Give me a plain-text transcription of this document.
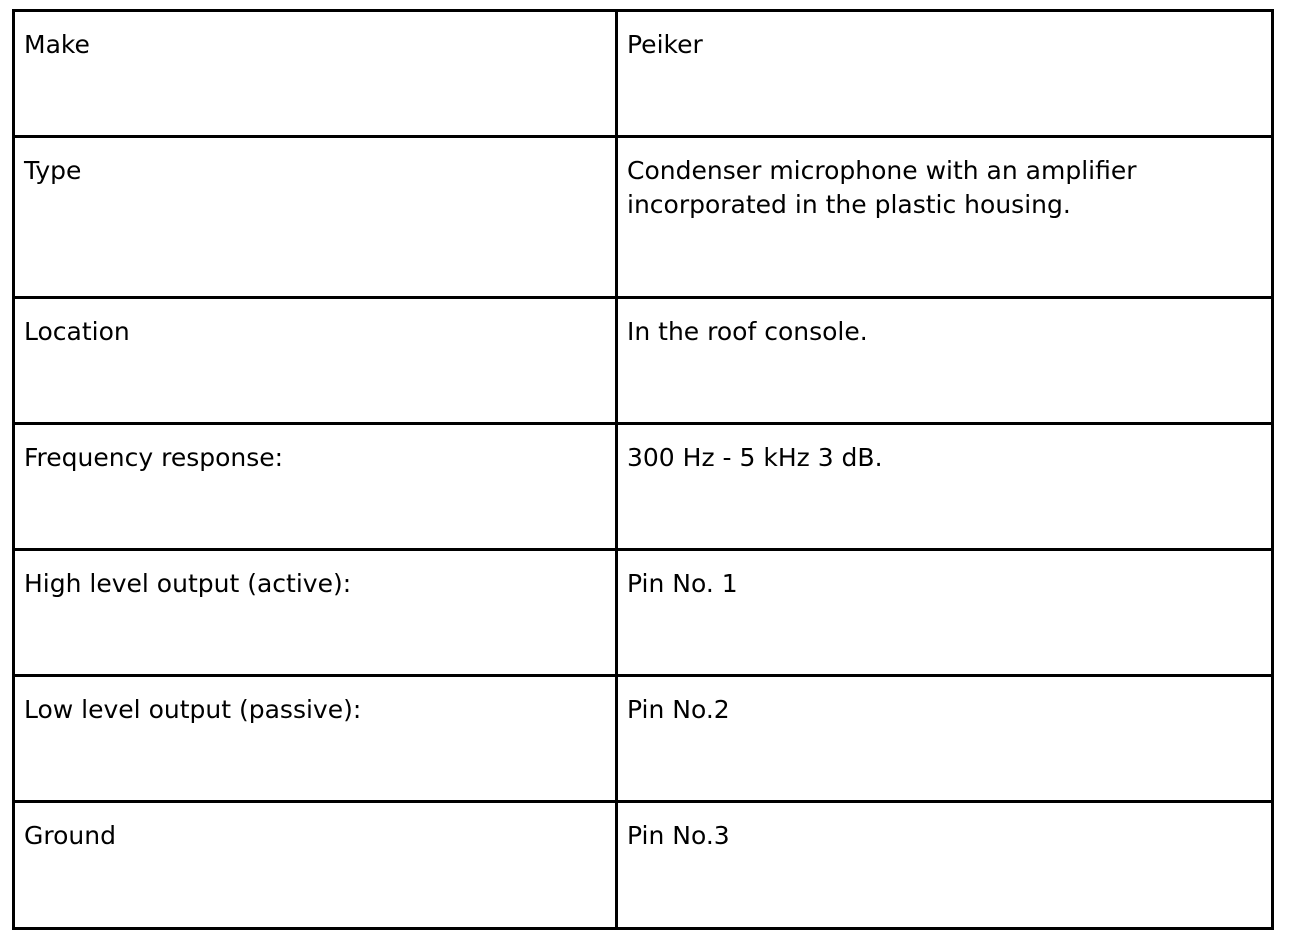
Make	Peiker
Type	Condenser microphone with an amplifier incorporated in the plastic housing.
Location	In the roof console.
Frequency response:	300 Hz - 5 kHz 3 dB.
High level output (active):	Pin No. 1
Low level output (passive):	Pin No.2
Ground	Pin No.3
